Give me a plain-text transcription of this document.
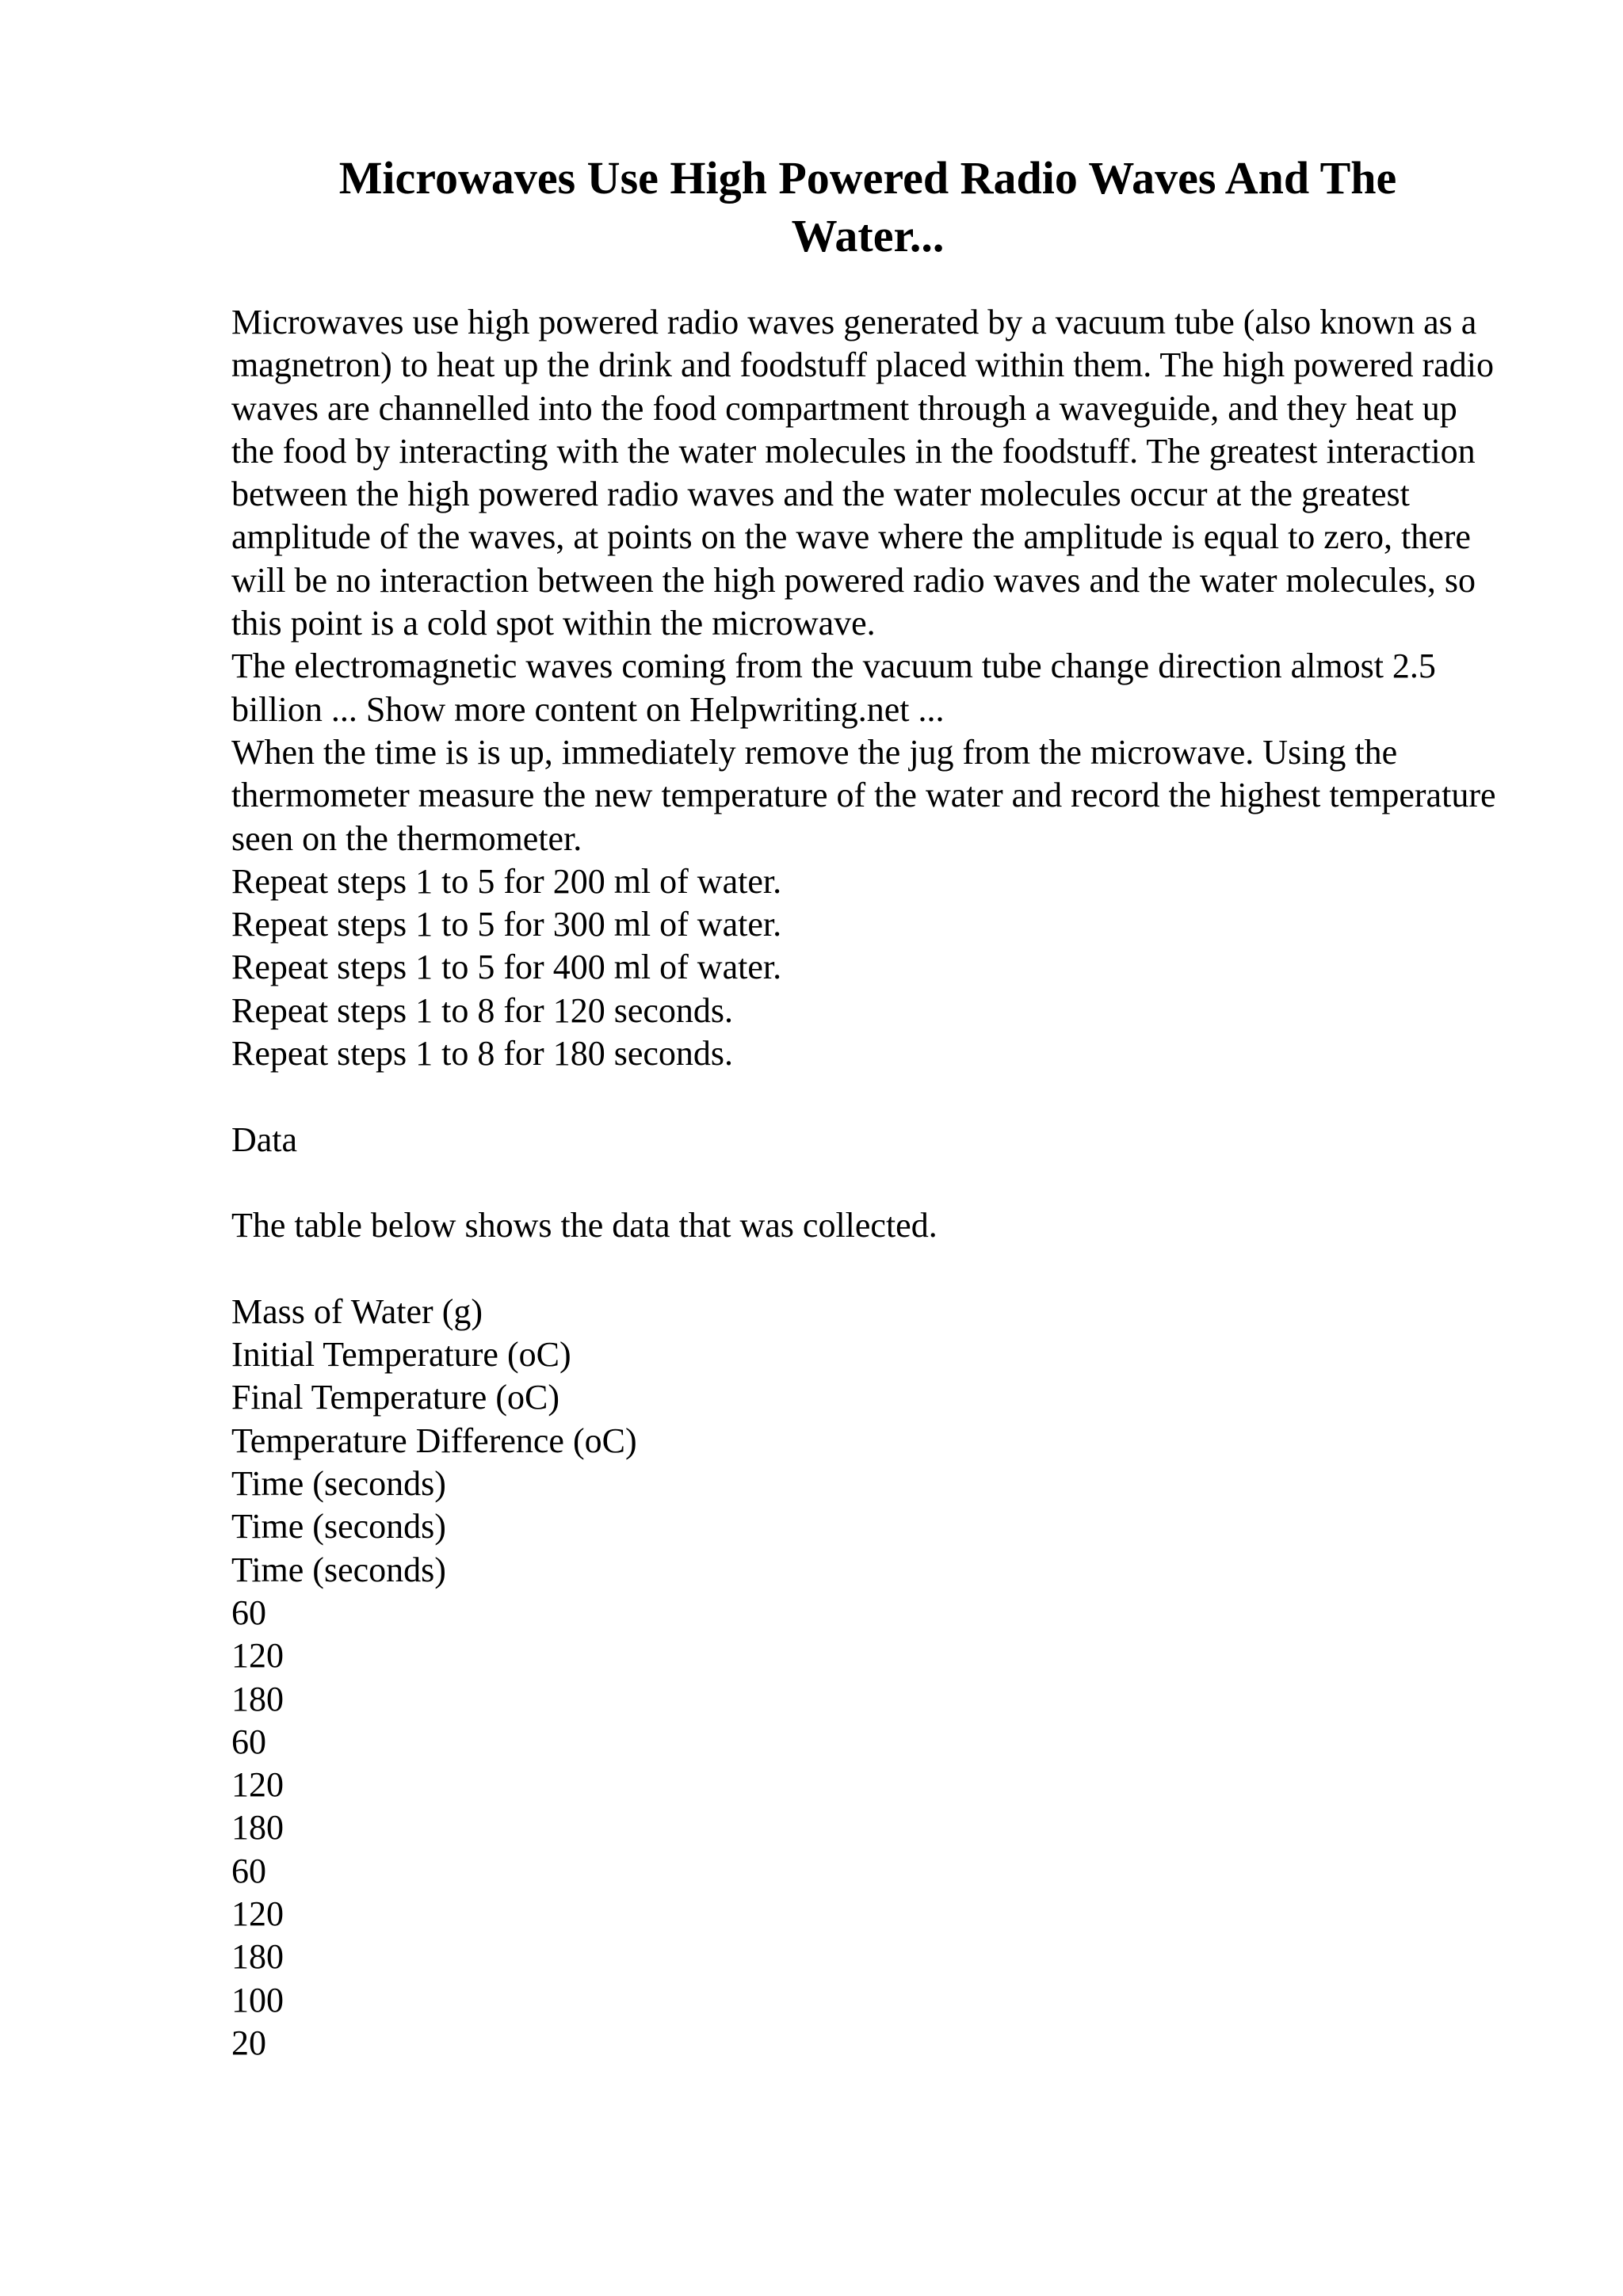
Microwaves Use High Powered Radio Waves And The Water...

Microwaves use high powered radio waves generated by a vacuum tube (also known as a magnetron) to heat up the drink and foodstuff placed within them. The high powered radio waves are channelled into the food compartment through a waveguide, and they heat up the food by interacting with the water molecules in the foodstuff. The greatest interaction between the high powered radio waves and the water molecules occur at the greatest amplitude of the waves, at points on the wave where the amplitude is equal to zero, there will be no interaction between the high powered radio waves and the water molecules, so this point is a cold spot within the microwave.

The electromagnetic waves coming from the vacuum tube change direction almost 2.5 billion ... Show more content on Helpwriting.net ...

When the time is is up, immediately remove the jug from the microwave. Using the thermometer measure the new temperature of the water and record the highest temperature seen on the thermometer.

Repeat steps 1 to 5 for 200 ml of water.

Repeat steps 1 to 5 for 300 ml of water.

Repeat steps 1 to 5 for 400 ml of water.

Repeat steps 1 to 8 for 120 seconds.

Repeat steps 1 to 8 for 180 seconds.

Data

The table below shows the data that was collected.

Mass of Water (g)

Initial Temperature (oC)

Final Temperature (oC)

Temperature Difference (oC)

Time (seconds)

Time (seconds)

Time (seconds)

60

120

180

60

120

180

60

120

180

100

20
